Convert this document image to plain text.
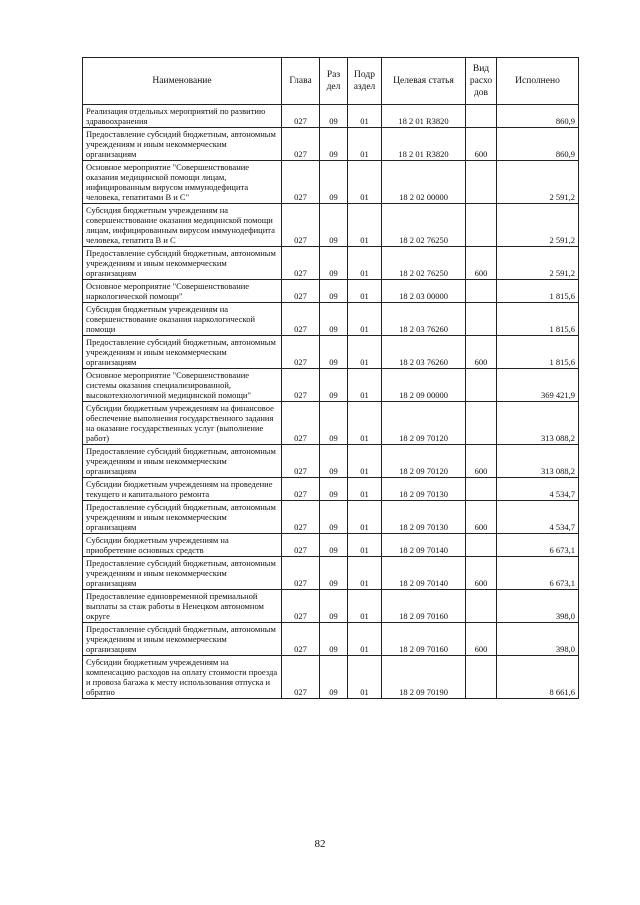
Наименование	Глава	Раз дел	Подр аздел	Целевая статья	Вид расхо дов	Исполнено
Реализация отдельных мероприятий по развитию здравоохранения	027	09	01	18 2 01 R3820		860,9
Предоставление субсидий бюджетным, автономным учреждениям и иным некоммерческим организациям	027	09	01	18 2 01 R3820	600	860,9
Основное мероприятие "Совершенствование оказания медицинской помощи лицам, инфицированным вирусом иммунодефицита человека, гепатитами В и С"	027	09	01	18 2 02 00000		2 591,2
Субсидия бюджетным учреждениям на совершенствование оказания медицинской помощи лицам, инфицированным вирусом иммунодефицита человека, гепатита В и С	027	09	01	18 2 02 76250		2 591,2
Предоставление субсидий бюджетным, автономным учреждениям и иным некоммерческим организациям	027	09	01	18 2 02 76250	600	2 591,2
Основное мероприятие "Совершенствование наркологической помощи"	027	09	01	18 2 03 00000		1 815,6
Субсидия бюджетным учреждениям на совершенствование оказания наркологической помощи	027	09	01	18 2 03 76260		1 815,6
Предоставление субсидий бюджетным, автономным учреждениям и иным некоммерческим организациям	027	09	01	18 2 03 76260	600	1 815,6
Основное мероприятие "Совершенствование системы оказания специализированной, высокотехнологичной медицинской помощи"	027	09	01	18 2 09 00000		369 421,9
Субсидии бюджетным учреждениям на финансовое обеспечение выполнения государственного задания на оказание государственных услуг (выполнение работ)	027	09	01	18 2 09 70120		313 088,2
Предоставление субсидий бюджетным, автономным учреждениям и иным некоммерческим организациям	027	09	01	18 2 09 70120	600	313 088,2
Субсидии бюджетным учреждениям на проведение текущего и капитального ремонта	027	09	01	18 2 09 70130		4 534,7
Предоставление субсидий бюджетным, автономным учреждениям и иным некоммерческим организациям	027	09	01	18 2 09 70130	600	4 534,7
Субсидии бюджетным учреждениям на приобретение основных средств	027	09	01	18 2 09 70140		6 673,1
Предоставление субсидий бюджетным, автономным учреждениям и иным некоммерческим организациям	027	09	01	18 2 09 70140	600	6 673,1
Предоставление единовременной премиальной выплаты за стаж работы в Ненецком автономном округе	027	09	01	18 2 09 70160		398,0
Предоставление субсидий бюджетным, автономным учреждениям и иным некоммерческим организациям	027	09	01	18 2 09 70160	600	398,0
Субсидии бюджетным учреждениям на компенсацию расходов на оплату стоимости проезда и провоза багажа к месту использования отпуска и обратно	027	09	01	18 2 09 70190		8 661,6
82
